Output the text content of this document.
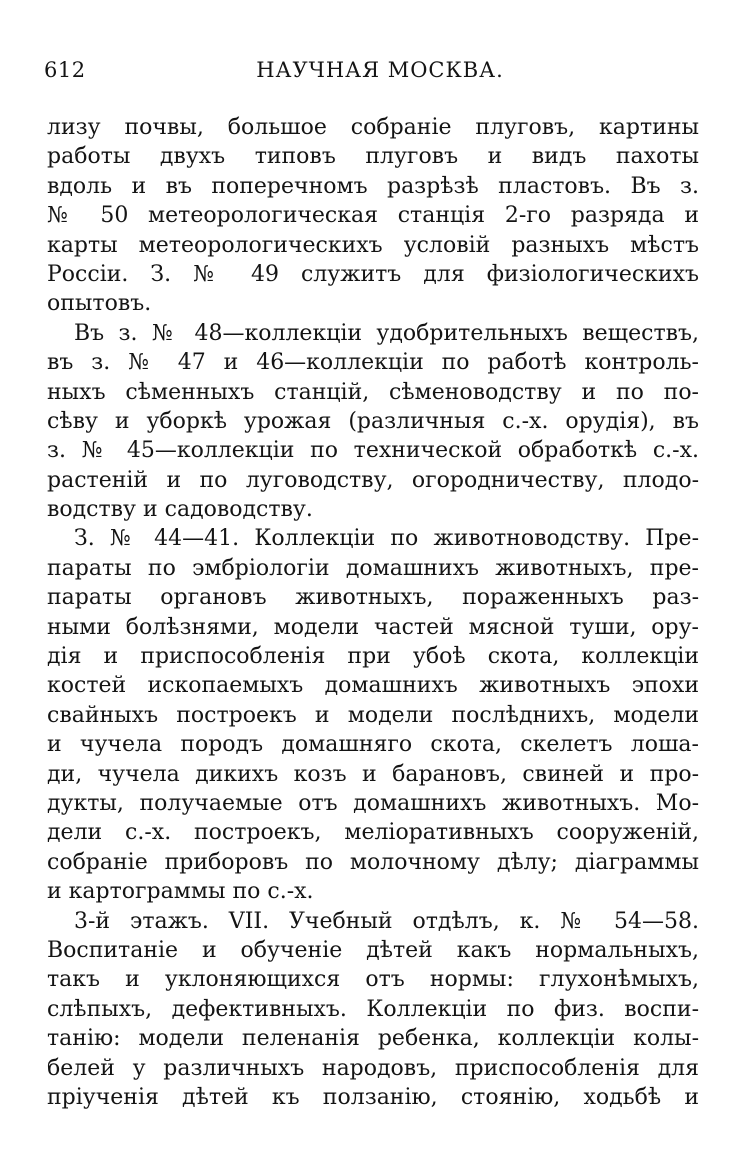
612	НАУЧНАЯ МОСКВА.
лизу почвы, большое собраніе плуговъ, картины
работы двухъ типовъ плуговъ и видъ пахоты
вдоль и въ поперечномъ разрѣзѣ пластовъ. Въ з.
№ 50 метеорологическая станція 2-го разряда и
карты метеорологическихъ условій разныхъ мѣстъ
Россіи. З. № 49 служитъ для физіологическихъ
опытовъ.
Въ з. № 48—коллекціи удобрительныхъ веществъ,
въ з. № 47 и 46—коллекціи по работѣ контроль-
ныхъ сѣменныхъ станцій, сѣменоводству и по по-
сѣву и уборкѣ урожая (различныя с.-х. орудія), въ
з. № 45—коллекціи по технической обработкѣ с.-х.
растеній и по луговодству, огородничеству, плодо-
водству и садоводству.
З. № 44—41. Коллекціи по животноводству. Пре-
параты по эмбріологіи домашнихъ животныхъ, пре-
параты органовъ животныхъ, пораженныхъ раз-
ными болѣзнями, модели частей мясной туши, ору-
дія и приспособленія при убоѣ скота, коллекціи
костей ископаемыхъ домашнихъ животныхъ эпохи
свайныхъ построекъ и модели послѣднихъ, модели
и чучела породъ домашняго скота, скелетъ лоша-
ди, чучела дикихъ козъ и барановъ, свиней и про-
дукты, получаемые отъ домашнихъ животныхъ. Мо-
дели с.-х. построекъ, меліоративныхъ сооруженій,
собраніе приборовъ по молочному дѣлу; діаграммы
и картограммы по с.-х.
3-й этажъ. VII. Учебный отдѣлъ, к. № 54—58.
Воспитаніе и обученіе дѣтей какъ нормальныхъ,
такъ и уклоняющихся отъ нормы: глухонѣмыхъ,
слѣпыхъ, дефективныхъ. Коллекціи по физ. воспи-
танію: модели пеленанія ребенка, коллекціи колы-
белей у различныхъ народовъ, приспособленія для
пріученія дѣтей къ ползанію, стоянію, ходьбѣ и
